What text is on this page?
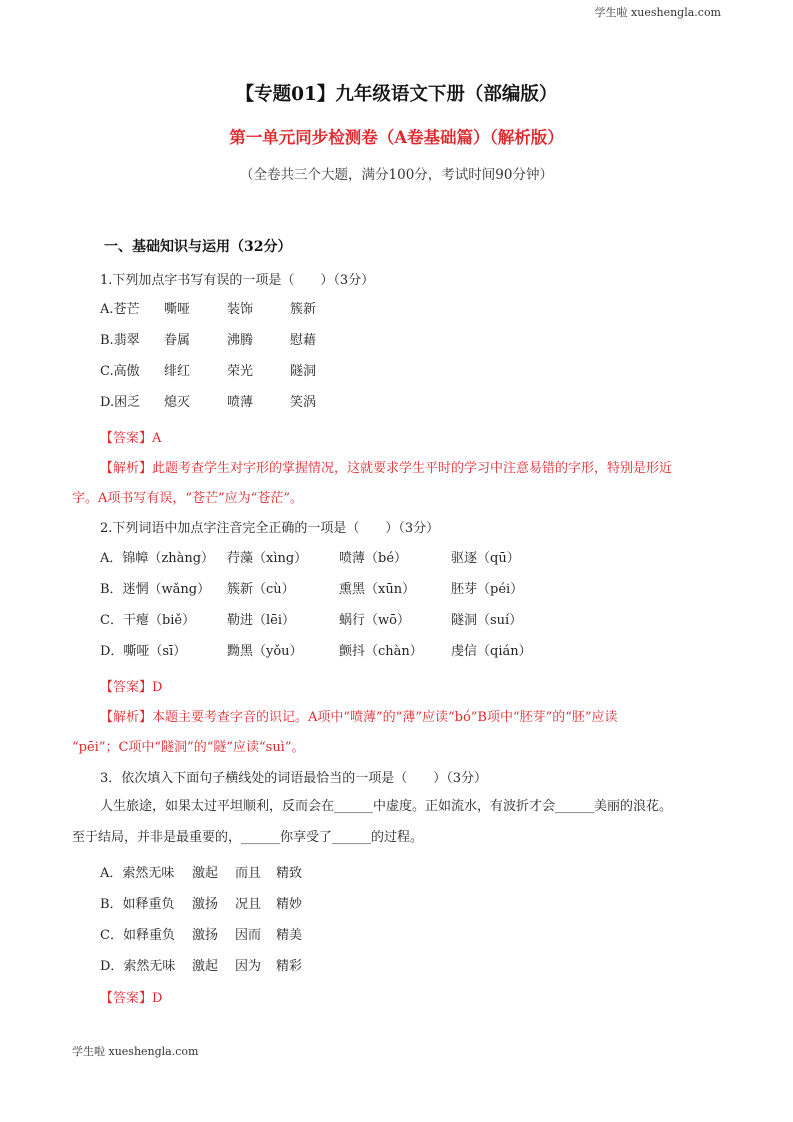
学生啦 xueshengla.com
【专题01】九年级语文下册（部编版）
第一单元同步检测卷（A卷基础篇）（解析版）
（全卷共三个大题，满分100分，考试时间90分钟）
一、基础知识与运用（32分）
1.下列加点字书写有误的一项是（　　）（3分）
A.苍芒 嘶哑	装饰	簇新
B.翡翠 眷属	沸腾	慰藉
C.高傲 绯红	荣光	隧洞
D.困乏 熄灭	喷薄	笑涡
【答案】A
【解析】此题考查学生对字形的掌握情况，这就要求学生平时的学习中注意易错的字形，特别是形近
字。A项书写有误，“苍芒”应为“苍茫”。
2.下列词语中加点字注音完全正确的一项是（　　）（3分）
A．锦幛（zhàng） 荇藻（xìng） 喷薄（bé）	驱逐（qū）
B．迷惘（wǎng） 簇新（cù）	熏黑（xūn）	胚芽（péi）
C．干瘪（biě） 勒进（lēi）	蜗行（wō）	隧洞（suí）
D．嘶哑（sī）	黝黑（yǒu）	颤抖（chàn） 虔信（qián）
【答案】D
【解析】本题主要考查字音的识记。A项中“喷薄”的“薄”应读“bó”B项中“胚芽”的“胚”应读
“pēi”；C项中“隧洞”的“隧”应读“suì”。
3．依次填入下面句子横线处的词语最恰当的一项是（　　）（3分）
人生旅途，如果太过平坦顺利，反而会在______中虚度。正如流水，有波折才会______美丽的浪花。
至于结局，并非是最重要的，______你享受了______的过程。
A．索然无味 激起 而且 精致
B．如释重负 激扬 况且 精妙
C．如释重负 激扬 因而 精美
D．索然无味 激起 因为 精彩
【答案】D
学生啦 xueshengla.com
